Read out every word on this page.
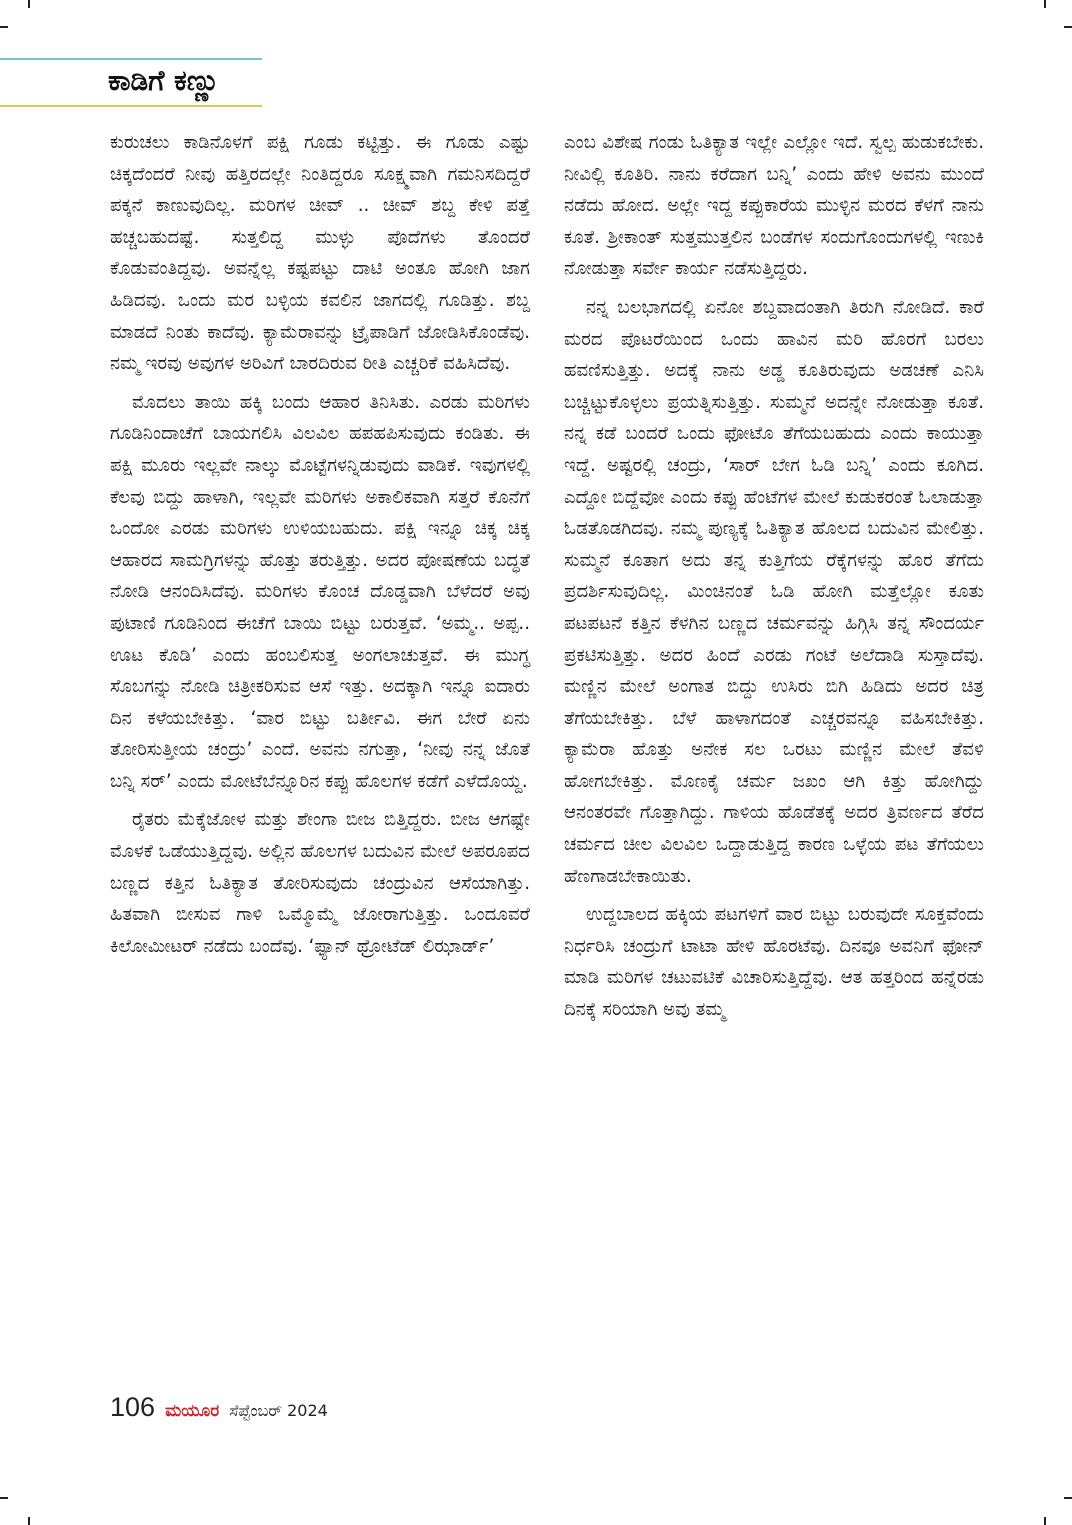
ಕಾಡಿಗೆ ಕಣ್ಣು

ಕುರುಚಲು ಕಾಡಿನೊಳಗೆ ಪಕ್ಷಿ ಗೂಡು ಕಟ್ಟಿತ್ತು. ಈ ಗೂಡು ಎಷ್ಟು ಚಿಕ್ಕದೆಂದರೆ ನೀವು ಹತ್ತಿರದಲ್ಲೇ ನಿಂತಿದ್ದರೂ ಸೂಕ್ಷ್ಮವಾಗಿ ಗಮನಿಸದಿದ್ದರೆ ಪಕ್ಕನೆ ಕಾಣುವುದಿಲ್ಲ. ಮರಿಗಳ ಚೀವ್ .. ಚೀವ್ ಶಬ್ದ ಕೇಳಿ ಪತ್ತೆ ಹಚ್ಚಬಹುದಷ್ಟೆ. ಸುತ್ತಲಿದ್ದ ಮುಳ್ಳು ಪೊದೆಗಳು ತೊಂದರೆ ಕೊಡುವಂತಿದ್ದವು. ಅವನ್ನೆಲ್ಲ ಕಷ್ಟಪಟ್ಟು ದಾಟಿ ಅಂತೂ ಹೋಗಿ ಜಾಗ ಹಿಡಿದವು. ಒಂದು ಮರ ಬಳ್ಳಿಯ ಕವಲಿನ ಜಾಗದಲ್ಲಿ ಗೂಡಿತ್ತು. ಶಬ್ದ ಮಾಡದೆ ನಿಂತು ಕಾದೆವು. ಕ್ಯಾಮೆರಾವನ್ನು ಟ್ರೈಪಾಡಿಗೆ ಜೋಡಿಸಿಕೊಂಡೆವು. ನಮ್ಮ ಇರವು ಅವುಗಳ ಅರಿವಿಗೆ ಬಾರದಿರುವ ರೀತಿ ಎಚ್ಚರಿಕೆ ವಹಿಸಿದೆವು.

ಮೊದಲು ತಾಯಿ ಹಕ್ಕಿ ಬಂದು ಆಹಾರ ತಿನಿಸಿತು. ಎರಡು ಮರಿಗಳು ಗೂಡಿನಿಂದಾಚೆಗೆ ಬಾಯಗಲಿಸಿ ವಿಲವಿಲ ಹಪಹಪಿಸುವುದು ಕಂಡಿತು. ಈ ಪಕ್ಷಿ ಮೂರು ಇಲ್ಲವೇ ನಾಲ್ಕು ಮೊಟ್ಟೆಗಳನ್ನಿಡುವುದು ವಾಡಿಕೆ. ಇವುಗಳಲ್ಲಿ ಕೆಲವು ಬಿದ್ದು ಹಾಳಾಗಿ, ಇಲ್ಲವೇ ಮರಿಗಳು ಅಕಾಲಿಕವಾಗಿ ಸತ್ತರೆ ಕೊನೆಗೆ ಒಂದೋ ಎರಡು ಮರಿಗಳು ಉಳಿಯಬಹುದು. ಪಕ್ಷಿ ಇನ್ನೂ ಚಿಕ್ಕ ಚಿಕ್ಕ ಆಹಾರದ ಸಾಮಗ್ರಿಗಳನ್ನು ಹೊತ್ತು ತರುತ್ತಿತ್ತು. ಅದರ ಪೋಷಣೆಯ ಬದ್ಧತೆ ನೋಡಿ ಆನಂದಿಸಿದೆವು. ಮರಿಗಳು ಕೊಂಚ ದೊಡ್ಡವಾಗಿ ಬೆಳೆದರೆ ಅವು ಪುಟಾಣಿ ಗೂಡಿನಿಂದ ಈಚೆಗೆ ಬಾಯಿ ಬಿಟ್ಟು ಬರುತ್ತವೆ. ‘ಅಮ್ಮ.. ಅಪ್ಪ.. ಊಟ ಕೊಡಿ’ ಎಂದು ಹಂಬಲಿಸುತ್ತ ಅಂಗಲಾಚುತ್ತವೆ. ಈ ಮುಗ್ಧ ಸೊಬಗನ್ನು ನೋಡಿ ಚಿತ್ರೀಕರಿಸುವ ಆಸೆ ಇತ್ತು. ಅದಕ್ಕಾಗಿ ಇನ್ನೂ ಐದಾರು ದಿನ ಕಳೆಯಬೇಕಿತ್ತು. ‘ವಾರ ಬಿಟ್ಟು ಬರ್ತೀವಿ. ಈಗ ಬೇರೆ ಏನು ತೋರಿಸುತ್ತೀಯ ಚಂದ್ರು’ ಎಂದೆ. ಅವನು ನಗುತ್ತಾ, ‘ನೀವು ನನ್ನ ಜೊತೆ ಬನ್ನಿ ಸರ್’ ಎಂದು ಮೋಟೆಬೆನ್ನೂರಿನ ಕಪ್ಪು ಹೊಲಗಳ ಕಡೆಗೆ ಎಳೆದೊಯ್ದ.

ರೈತರು ಮೆಕ್ಕೆಜೋಳ ಮತ್ತು ಶೇಂಗಾ ಬೀಜ ಬಿತ್ತಿದ್ದರು. ಬೀಜ ಆಗಷ್ಟೇ ಮೊಳಕೆ ಒಡೆಯುತ್ತಿದ್ದವು. ಅಲ್ಲಿನ ಹೊಲಗಳ ಬದುವಿನ ಮೇಲೆ ಅಪರೂಪದ ಬಣ್ಣದ ಕತ್ತಿನ ಓತಿಕ್ಯಾತ ತೋರಿಸುವುದು ಚಂದ್ರುವಿನ ಆಸೆಯಾಗಿತ್ತು. ಹಿತವಾಗಿ ಬೀಸುವ ಗಾಳಿ ಒಮ್ಮೊಮ್ಮೆ ಜೋರಾಗುತ್ತಿತ್ತು. ಒಂದೂವರೆ ಕಿಲೋಮೀಟರ್ ನಡೆದು ಬಂದೆವು. ‘ಫ್ಯಾನ್ ಥ್ರೋಟೆಡ್ ಲಿಝಾರ್ಡ್’

ಎಂಬ ವಿಶೇಷ ಗಂಡು ಓತಿಕ್ಯಾತ ಇಲ್ಲೇ ಎಲ್ಲೋ ಇದೆ. ಸ್ವಲ್ಪ ಹುಡುಕಬೇಕು. ನೀವಿಲ್ಲಿ ಕೂತಿರಿ. ನಾನು ಕರೆದಾಗ ಬನ್ನಿ’ ಎಂದು ಹೇಳಿ ಅವನು ಮುಂದೆ ನಡೆದು ಹೋದ. ಅಲ್ಲೇ ಇದ್ದ ಕಪ್ಪುಕಾರೆಯ ಮುಳ್ಳಿನ ಮರದ ಕೆಳಗೆ ನಾನು ಕೂತೆ. ಶ್ರೀಕಾಂತ್ ಸುತ್ತಮುತ್ತಲಿನ ಬಂಡೆಗಳ ಸಂದುಗೊಂದುಗಳಲ್ಲಿ ಇಣುಕಿ ನೋಡುತ್ತಾ ಸರ್ವೇ ಕಾರ್ಯ ನಡೆಸುತ್ತಿದ್ದರು.

ನನ್ನ ಬಲಭಾಗದಲ್ಲಿ ಏನೋ ಶಬ್ದವಾದಂತಾಗಿ ತಿರುಗಿ ನೋಡಿದೆ. ಕಾರೆ ಮರದ ಪೊಟರೆಯಿಂದ ಒಂದು ಹಾವಿನ ಮರಿ ಹೊರಗೆ ಬರಲು ಹವಣಿಸುತ್ತಿತ್ತು. ಅದಕ್ಕೆ ನಾನು ಅಡ್ಡ ಕೂತಿರುವುದು ಅಡಚಣೆ ಎನಿಸಿ ಬಚ್ಚಿಟ್ಟುಕೊಳ್ಳಲು ಪ್ರಯತ್ನಿಸುತ್ತಿತ್ತು. ಸುಮ್ಮನೆ ಅದನ್ನೇ ನೋಡುತ್ತಾ ಕೂತೆ. ನನ್ನ ಕಡೆ ಬಂದರೆ ಒಂದು ಫೋಟೊ ತೆಗೆಯಬಹುದು ಎಂದು ಕಾಯುತ್ತಾ ಇದ್ದೆ. ಅಷ್ಟರಲ್ಲಿ ಚಂದ್ರು, ‘ಸಾರ್ ಬೇಗ ಓಡಿ ಬನ್ನಿ’ ಎಂದು ಕೂಗಿದ. ಎದ್ದೋ ಬಿದ್ದೆವೋ ಎಂದು ಕಪ್ಪು ಹೆಂಟೆಗಳ ಮೇಲೆ ಕುಡುಕರಂತೆ ಓಲಾಡುತ್ತಾ ಓಡತೊಡಗಿದವು. ನಮ್ಮ ಪುಣ್ಯಕ್ಕೆ ಓತಿಕ್ಯಾತ ಹೊಲದ ಬದುವಿನ ಮೇಲಿತ್ತು. ಸುಮ್ಮನೆ ಕೂತಾಗ ಅದು ತನ್ನ ಕುತ್ತಿಗೆಯ ರೆಕ್ಕೆಗಳನ್ನು ಹೊರ ತೆಗೆದು ಪ್ರದರ್ಶಿಸುವುದಿಲ್ಲ. ಮಿಂಚಿನಂತೆ ಓಡಿ ಹೋಗಿ ಮತ್ತೆಲ್ಲೋ ಕೂತು ಪಟಪಟನೆ ಕತ್ತಿನ ಕೆಳಗಿನ ಬಣ್ಣದ ಚರ್ಮವನ್ನು ಹಿಗ್ಗಿಸಿ ತನ್ನ ಸೌಂದರ್ಯ ಪ್ರಕಟಿಸುತ್ತಿತ್ತು. ಅದರ ಹಿಂದೆ ಎರಡು ಗಂಟೆ ಅಲೆದಾಡಿ ಸುಸ್ತಾದೆವು. ಮಣ್ಣಿನ ಮೇಲೆ ಅಂಗಾತ ಬಿದ್ದು ಉಸಿರು ಬಿಗಿ ಹಿಡಿದು ಅದರ ಚಿತ್ರ ತೆಗೆಯಬೇಕಿತ್ತು. ಬೆಳೆ ಹಾಳಾಗದಂತೆ ಎಚ್ಚರವನ್ನೂ ವಹಿಸಬೇಕಿತ್ತು. ಕ್ಯಾಮೆರಾ ಹೊತ್ತು ಅನೇಕ ಸಲ ಒರಟು ಮಣ್ಣಿನ ಮೇಲೆ ತೆವಳಿ ಹೋಗಬೇಕಿತ್ತು. ಮೊಣಕೈ ಚರ್ಮ ಜಖಂ ಆಗಿ ಕಿತ್ತು ಹೋಗಿದ್ದು ಆನಂತರವೇ ಗೊತ್ತಾಗಿದ್ದು. ಗಾಳಿಯ ಹೊಡೆತಕ್ಕೆ ಅದರ ತ್ರಿವರ್ಣದ ತೆರೆದ ಚರ್ಮದ ಚೀಲ ವಿಲವಿಲ ಒದ್ದಾಡುತ್ತಿದ್ದ ಕಾರಣ ಒಳ್ಳೆಯ ಪಟ ತೆಗೆಯಲು ಹೆಣಗಾಡಬೇಕಾಯಿತು.

ಉದ್ದಬಾಲದ ಹಕ್ಕಿಯ ಪಟಗಳಿಗೆ ವಾರ ಬಿಟ್ಟು ಬರುವುದೇ ಸೂಕ್ತವೆಂದು ನಿರ್ಧರಿಸಿ ಚಂದ್ರುಗೆ ಟಾಟಾ ಹೇಳಿ ಹೊರಟೆವು. ದಿನವೂ ಅವನಿಗೆ ಫೋನ್ ಮಾಡಿ ಮರಿಗಳ ಚಟುವಟಿಕೆ ವಿಚಾರಿಸುತ್ತಿದ್ದೆವು. ಆತ ಹತ್ತರಿಂದ ಹನ್ನೆರಡು ದಿನಕ್ಕೆ ಸರಿಯಾಗಿ ಅವು ತಮ್ಮ

106 ಮಯೂರ ಸೆಪ್ಟೆಂಬರ್ 2024
